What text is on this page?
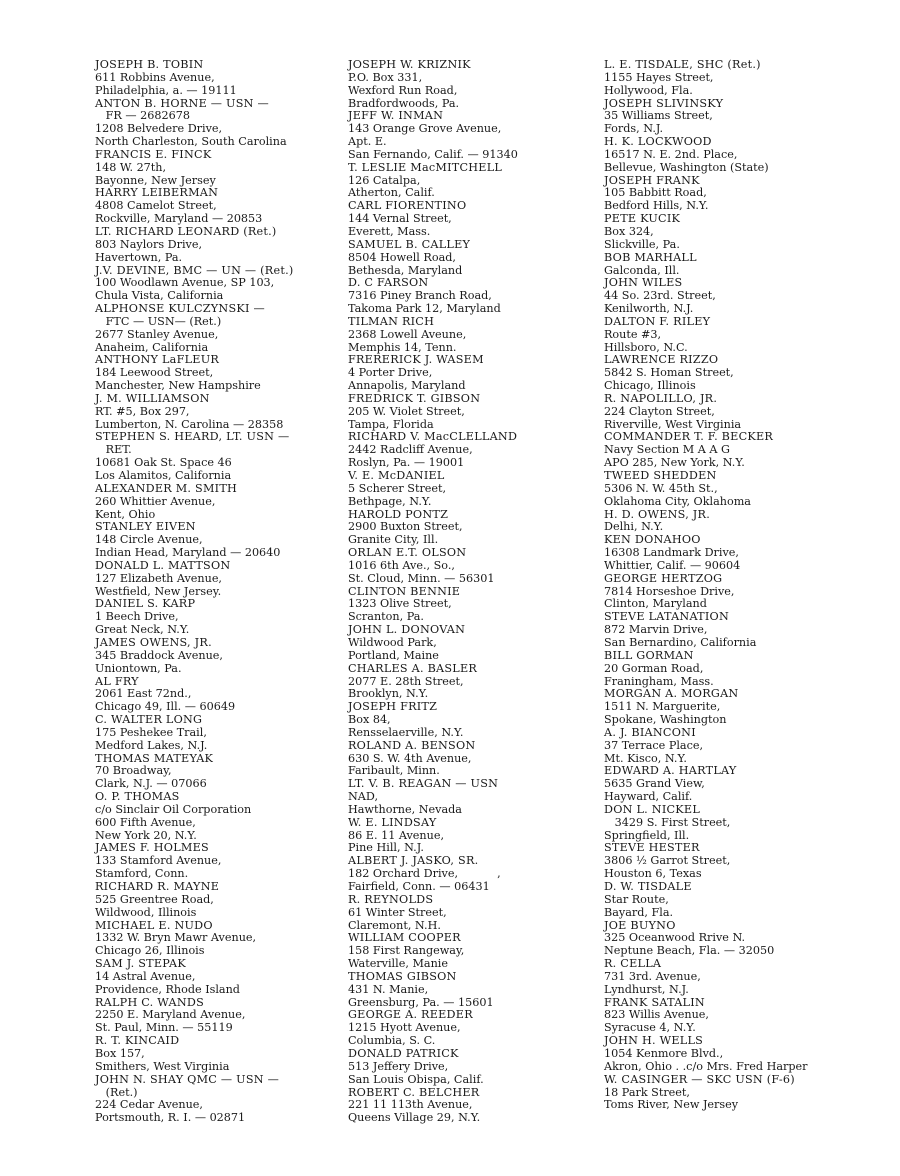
JOSEPH B. TOBIN
611 Robbins Avenue,
Philadelphia, a. — 19111
ANTON B. HORNE — USN —
FR — 2682678
1208 Belvedere Drive,
North Charleston, South Carolina
FRANCIS E. FINCK
148 W. 27th,
Bayonne, New Jersey
HARRY LEIBERMAN
4808 Camelot Street,
Rockville, Maryland — 20853
LT. RICHARD LEONARD (Ret.)
803 Naylors Drive,
Havertown, Pa.
J.V. DEVINE, BMC — UN — (Ret.)
100 Woodlawn Avenue, SP 103,
Chula Vista, California
ALPHONSE KULCZYNSKI —
FTC — USN— (Ret.)
2677 Stanley Avenue,
Anaheim, California
ANTHONY LaFLEUR
184 Leewood Street,
Manchester, New Hampshire
J. M. WILLIAMSON
RT. #5, Box 297,
Lumberton, N. Carolina — 28358
STEPHEN S. HEARD, LT. USN —
RET.
10681 Oak St. Space 46
Los Alamitos, California
ALEXANDER M. SMITH
260 Whittier Avenue,
Kent, Ohio
STANLEY EIVEN
148 Circle Avenue,
Indian Head, Maryland — 20640
DONALD L. MATTSON
127 Elizabeth Avenue,
Westfield, New Jersey.
DANIEL S. KARP
1 Beech Drive,
Great Neck, N.Y.
JAMES OWENS, JR.
345 Braddock Avenue,
Uniontown, Pa.
AL FRY
2061 East 72nd.,
Chicago 49, Ill. — 60649
C. WALTER LONG
175 Peshekee Trail,
Medford Lakes, N.J.
THOMAS MATEYAK
70 Broadway,
Clark, N.J. — 07066
O. P. THOMAS
c/o Sinclair Oil Corporation
600 Fifth Avenue,
New York 20, N.Y.
JAMES F. HOLMES
133 Stamford Avenue,
Stamford, Conn.
RICHARD R. MAYNE
525 Greentree Road,
Wildwood, Illinois
MICHAEL E. NUDO
1332 W. Bryn Mawr Avenue,
Chicago 26, Illinois
SAM J. STEPAK
14 Astral Avenue,
Providence, Rhode Island
RALPH C. WANDS
2250 E. Maryland Avenue,
St. Paul, Minn. — 55119
R. T. KINCAID
Box 157,
Smithers, West Virginia
JOHN N. SHAY QMC — USN —
(Ret.)
224 Cedar Avenue,
Portsmouth, R. I. — 02871
JOSEPH W. KRIZNIK
P.O. Box 331,
Wexford Run Road,
Bradfordwoods, Pa.
JEFF W. INMAN
143 Orange Grove Avenue,
Apt. E.
San Fernando, Calif. — 91340
T. LESLIE MacMITCHELL
126 Catalpa,
Atherton, Calif.
CARL FIORENTINO
144 Vernal Street,
Everett, Mass.
SAMUEL B. CALLEY
8504 Howell Road,
Bethesda, Maryland
D. C FARSON
7316 Piney Branch Road,
Takoma Park 12, Maryland
TILMAN RICH
2368 Lowell Aveune,
Memphis 14, Tenn.
FRERERICK J. WASEM
4 Porter Drive,
Annapolis, Maryland
FREDRICK T. GIBSON
205 W. Violet Street,
Tampa, Florida
RICHARD V. MacCLELLAND
2442 Radcliff Avenue,
Roslyn, Pa. — 19001
V. E. McDANIEL
5 Scherer Street,
Bethpage, N.Y.
HAROLD PONTZ
2900 Buxton Street,
Granite City, Ill.
ORLAN E.T. OLSON
1016 6th Ave., So.,
St. Cloud, Minn. — 56301
CLINTON BENNIE
1323 Olive Street,
Scranton, Pa.
JOHN L. DONOVAN
Wildwood Park,
Portland, Maine
CHARLES A. BASLER
2077 E. 28th Street,
Brooklyn, N.Y.
JOSEPH FRITZ
Box 84,
Rensselaerville, N.Y.
ROLAND A. BENSON
630 S. W. 4th Avenue,
Faribault, Minn.
LT. V. B. REAGAN — USN
NAD,
Hawthorne, Nevada
W. E. LINDSAY
86 E. 11 Avenue,
Pine Hill, N.J.
ALBERT J. JASKO, SR.
182 Orchard Drive,           ,
Fairfield, Conn. — 06431
R. REYNOLDS
61 Winter Street,
Claremont, N.H.
WILLIAM COOPER
158 First Rangeway,
Waterville, Manie
THOMAS GIBSON
431 N. Manie,
Greensburg, Pa. — 15601
GEORGE A. REEDER
1215 Hyott Avenue,
Columbia, S. C.
DONALD PATRICK
513 Jeffery Drive,
San Louis Obispa, Calif.
ROBERT C. BELCHER
221 11 113th Avenue,
Queens Village 29, N.Y.
L. E. TISDALE, SHC (Ret.)
1155 Hayes Street,
Hollywood, Fla.
JOSEPH SLIVINSKY
35 Williams Street,
Fords, N.J.
H. K. LOCKWOOD
16517 N. E. 2nd. Place,
Bellevue, Washington (State)
JOSEPH FRANK
105 Babbitt Road,
Bedford Hills, N.Y.
PETE KUCIK
Box 324,
Slickville, Pa.
BOB MARHALL
Galconda, Ill.
JOHN WILES
44 So. 23rd. Street,
Kenilworth, N.J.
DALTON F. RILEY
Route #3,
Hillsboro, N.C.
LAWRENCE RIZZO
5842 S. Homan Street,
Chicago, Illinois
R. NAPOLILLO, JR.
224 Clayton Street,
Riverville, West Virginia
COMMANDER T. F. BECKER
Navy Section M A A G
APO 285, New York, N.Y.
TWEED SHEDDEN
5306 N. W. 45th St.,
Oklahoma City, Oklahoma
H. D. OWENS, JR.
Delhi, N.Y.
KEN DONAHOO
16308 Landmark Drive,
Whittier, Calif. — 90604
GEORGE HERTZOG
7814 Horseshoe Drive,
Clinton, Maryland
STEVE LATANATION
872 Marvin Drive,
San Bernardino, California
BILL GORMAN
20 Gorman Road,
Franingham, Mass.
MORGAN A. MORGAN
1511 N. Marguerite,
Spokane, Washington
A. J. BIANCONI
37 Terrace Place,
Mt. Kisco, N.Y.
EDWARD A. HARTLAY
5635 Grand View,
Hayward, Calif.
DON L. NICKEL
3429 S. First Street,
Springfield, Ill.
STEVE HESTER
3806 ½ Garrot Street,
Houston 6, Texas
D. W. TISDALE
Star Route,
Bayard, Fla.
JOE BUYNO
325 Oceanwood Rrive N.
Neptune Beach, Fla. — 32050
R. CELLA
731 3rd. Avenue,
Lyndhurst, N.J.
FRANK SATALIN
823 Willis Avenue,
Syracuse 4, N.Y.
JOHN H. WELLS
1054 Kenmore Blvd.,
Akron, Ohio . .c/o Mrs. Fred Harper
W. CASINGER — SKC USN (F-6)
18 Park Street,
Toms River, New Jersey
